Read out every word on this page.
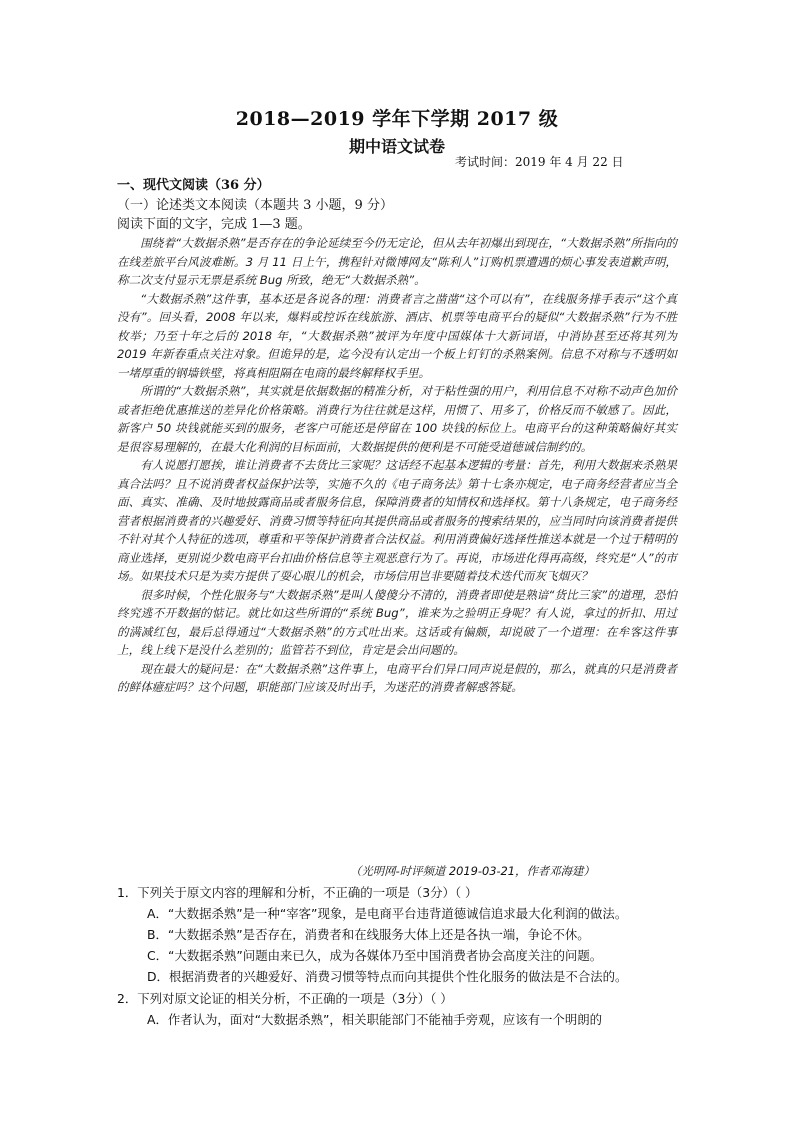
2018—2019 学年下学期 2017 级
期中语文试卷
考试时间：2019 年 4 月 22 日
一、现代文阅读（36 分）
（一）论述类文本阅读（本题共 3 小题，9 分）
阅读下面的文字，完成 1—3 题。

围绕着“大数据杀熟”是否存在的争论延续至今仍无定论，但从去年初爆出到现在，“大数据杀熟”所指向的在线差旅平台风波难断。3 月 11 日上午，携程针对微博网友“陈利人”订购机票遭遇的烦心事发表道歉声明，称二次支付显示无票是系统 Bug 所致，绝无“大数据杀熟”。

“大数据杀熟”这件事，基本还是各说各的理：消费者言之凿凿“这个可以有”，在线服务排手表示“这个真没有”。回头看，2008 年以来，爆料或控诉在线旅游、酒店、机票等电商平台的疑似“大数据杀熟”行为不胜枚举；乃至十年之后的 2018 年，“大数据杀熟”被评为年度中国媒体十大新词语，中消协甚至还将其列为 2019 年新春重点关注对象。但诡异的是，迄今没有认定出一个板上钉钉的杀熟案例。信息不对称与不透明如一堵厚重的钢墙铁壁，将真相阻隔在电商的最终解释权手里。

所谓的“大数据杀熟”，其实就是依据数据的精准分析，对于粘性强的用户，利用信息不对称不动声色加价或者拒绝优惠推送的差异化价格策略。消费行为往往就是这样，用惯了、用多了，价格反而不敏感了。因此，新客户 50 块钱就能买到的服务，老客户可能还是停留在 100 块钱的标位上。电商平台的这种策略偏好其实是很容易理解的，在最大化利润的目标面前，大数据提供的便利是不可能受道德诚信制约的。

有人说愿打愿挨，谁让消费者不去货比三家呢？这话经不起基本逻辑的考量：首先，利用大数据来杀熟果真合法吗？且不说消费者权益保护法等，实施不久的《电子商务法》第十七条亦规定，电子商务经营者应当全面、真实、准确、及时地披露商品或者服务信息，保障消费者的知情权和选择权。第十八条规定，电子商务经营者根据消费者的兴趣爱好、消费习惯等特征向其提供商品或者服务的搜索结果的，应当同时向该消费者提供不针对其个人特征的选项，尊重和平等保护消费者合法权益。利用消费偏好选择性推送本就是一个过于精明的商业选择，更别说少数电商平台扣曲价格信息等主观恶意行为了。再说，市场进化得再高级，终究是“人”的市场。如果技术只是为卖方提供了耍心眼儿的机会，市场信用岂非要随着技术迭代而灰飞烟灭？

很多时候，个性化服务与“大数据杀熟”是叫人傻傻分不清的，消费者即使是熟谙“货比三家”的道理，恐怕终究逃不开数据的惦记。就比如这些所谓的“系统 Bug”，谁来为之验明正身呢？有人说，拿过的折扣、用过的满减红包，最后总得通过“大数据杀熟”的方式吐出来。这话或有偏颇，却说破了一个道理：在牟客这件事上，线上线下是没什么差别的；监管若不到位，肯定是会出问题的。

现在最大的疑问是：在“大数据杀熟”这件事上，电商平台们异口同声说是假的，那么，就真的只是消费者的鲜体癔症吗？这个问题，职能部门应该及时出手，为迷茫的消费者解惑答疑。

（光明网-时评频道 2019-03-21，作者邓海建）
1．下列关于原文内容的理解和分析，不正确的一项是（3分）（ ）
A．“大数据杀熟”是一种“宰客”现象，是电商平台违背道德诚信追求最大化利润的做法。
B．“大数据杀熟”是否存在，消费者和在线服务大体上还是各执一端，争论不休。
C．“大数据杀熟”问题由来已久，成为各媒体乃至中国消费者协会高度关注的问题。
D．根据消费者的兴趣爱好、消费习惯等特点而向其提供个性化服务的做法是不合法的。
2．下列对原文论证的相关分析，不正确的一项是（3分）（ ）
A．作者认为，面对“大数据杀熟”，相关职能部门不能袖手旁观，应该有一个明朗的
